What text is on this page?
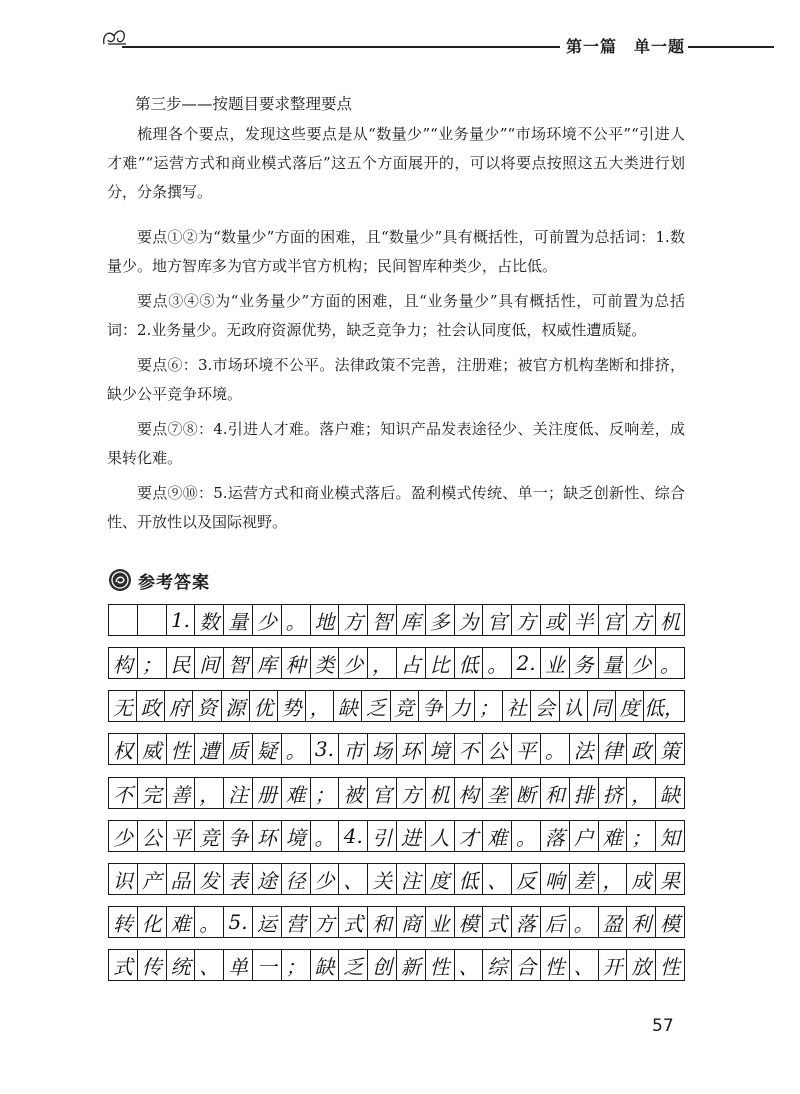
第一篇　单一题
第三步——按题目要求整理要点

梳理各个要点，发现这些要点是从“数量少”“业务量少”“市场环境不公平”“引进人才难”“运营方式和商业模式落后”这五个方面展开的，可以将要点按照这五大类进行划分，分条撰写。

要点①②为“数量少”方面的困难，且“数量少”具有概括性，可前置为总括词：1.数量少。地方智库多为官方或半官方机构；民间智库种类少，占比低。

要点③④⑤为“业务量少”方面的困难，且“业务量少”具有概括性，可前置为总括词：2.业务量少。无政府资源优势，缺乏竞争力；社会认同度低，权威性遭质疑。

要点⑥：3.市场环境不公平。法律政策不完善，注册难；被官方机构垄断和排挤，缺少公平竞争环境。

要点⑦⑧：4.引进人才难。落户难；知识产品发表途径少、关注度低、反响差，成果转化难。

要点⑨⑩：5.运营方式和商业模式落后。盈利模式传统、单一；缺乏创新性、综合性、开放性以及国际视野。

参考答案
1. 数 量 少 。 地 方 智 库 多 为 官 方 或 半 官 方 机
构 ； 民 间 智 库 种 类 少 ， 占 比 低 。 2. 业 务 量 少 。
无 政 府 资 源 优 势 ， 缺 乏 竞 争 力 ； 社 会 认 同 度 低，
权 威 性 遭 质 疑 。 3. 市 场 环 境 不 公 平 。 法 律 政 策
不 完 善 ， 注 册 难 ； 被 官 方 机 构 垄 断 和 排 挤 ， 缺
少 公 平 竞 争 环 境 。 4. 引 进 人 才 难 。 落 户 难 ； 知
识 产 品 发 表 途 径 少 、 关 注 度 低 、 反 响 差 ， 成 果
转 化 难 。 5. 运 营 方 式 和 商 业 模 式 落 后 。 盈 利 模
式 传 统 、 单 一 ； 缺 乏 创 新 性 、 综 合 性 、 开 放 性
57
